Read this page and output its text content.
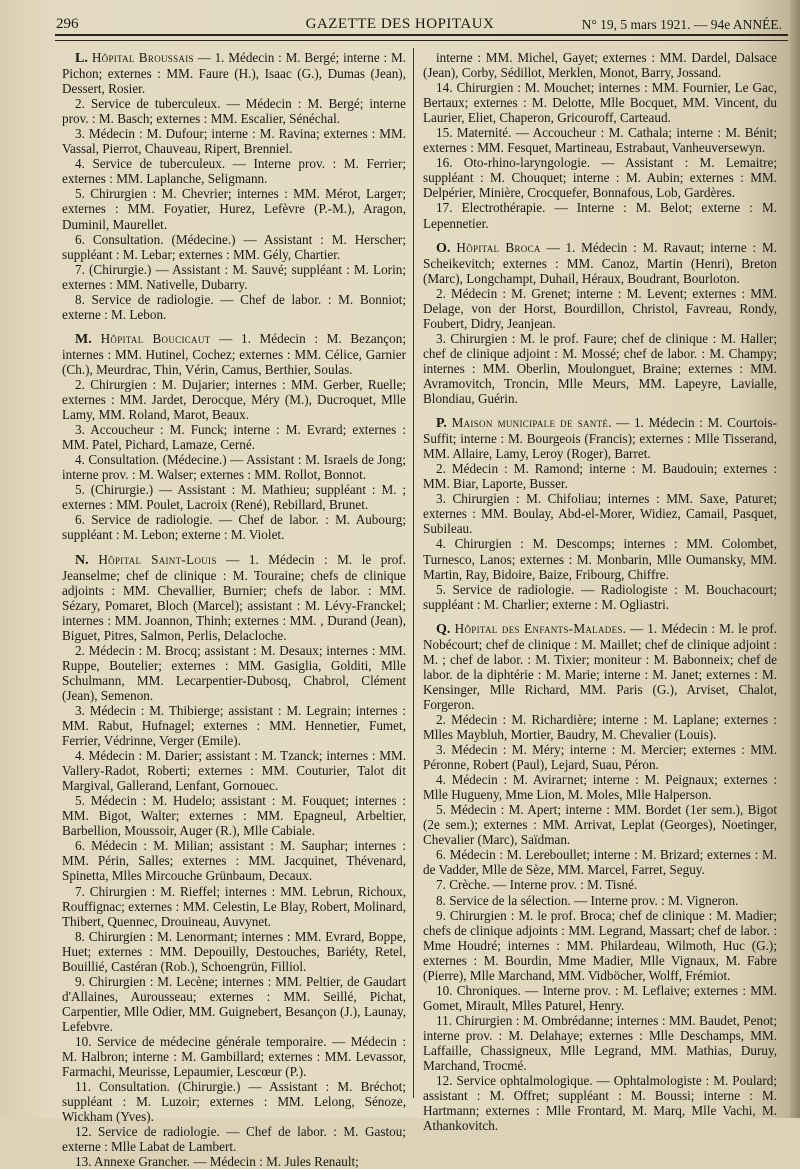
296	GAZETTE DES HOPITAUX	N° 19, 5 mars 1921. — 94e ANNÉE.

L. Hôpital Broussais — 1. Médecin : M. Bergé; interne : M. Pichon; externes : MM. Faure (H.), Isaac (G.), Dumas (Jean), Dessert, Rosier.

2. Service de tuberculeux. — Médecin : M. Bergé; interne prov. : M. Basch; externes : MM. Escalier, Sénéchal.

3. Médecin : M. Dufour; interne : M. Ravina; externes : MM. Vassal, Pierrot, Chauveau, Ripert, Brenniel.

4. Service de tuberculeux. — Interne prov. : M. Ferrier; externes : MM. Laplanche, Seligmann.

5. Chirurgien : M. Chevrier; internes : MM. Mérot, Largeт; externes : MM. Foyatier, Hurez, Lefèvre (P.-M.), Aragon, Duminil, Maurellet.

6. Consultation. (Médecine.) — Assistant : M. Herscher; suppléant : M. Lebar; externes : MM. Gély, Chartier.

7. (Chirurgie.) — Assistant : M. Sauvé; suppléant : M. Lorin; externes : MM. Nativelle, Dubarry.

8. Service de radiologie. — Chef de labor. : M. Bonniot; externe : M. Lebon.

M. Hôpital Boucicaut — 1. Médecin : M. Bezançon; internes : MM. Hutinel, Cochez; externes : MM. Célice, Garnier (Ch.), Meurdrac, Thin, Vérin, Camus, Berthier, Soulas.

2. Chirurgien : M. Dujarier; internes : MM. Gerber, Ruelle; externes : MM. Jardet, Derocque, Méry (M.), Ducroquet, Mlle Lamy, MM. Roland, Marot, Beaux.

3. Accoucheur : M. Funck; interne : M. Evrard; externes : MM. Patel, Pichard, Lamaze, Cerné.

4. Consultation. (Médecine.) — Assistant : M. Israels de Jong; interne prov. : M. Walser; externes : MM. Rollot, Bonnot.

5. (Chirurgie.) — Assistant : M. Mathieu; suppléant : M. ; externes : MM. Poulet, Lacroix (René), Rebillard, Brunet.

6. Service de radiologie. — Chef de labor. : M. Aubourg; suppléant : M. Lebon; externe : M. Violet.

N. Hôpital Saint-Louis — 1. Médecin : M. le prof. Jeanselme; chef de clinique : M. Touraine; chefs de clinique adjoints : MM. Chevallier, Burnier; chefs de labor. : MM. Sézary, Pomaret, Bloch (Marcel); assistant : M. Lévy-Franckel; internes : MM. Joannon, Thinh; externes : MM. , Durand (Jean), Biguet, Pitres, Salmon, Perlis, Delacloche.

2. Médecin : M. Brocq; assistant : M. Desaux; internes : MM. Ruppe, Boutelier; externes : MM. Gasiglia, Golditi, Mlle Schulmann, MM. Lecarpentier-Dubosq, Chabrol, Clément (Jean), Semenon.

3. Médecin : M. Thibierge; assistant : M. Legrain; internes : MM. Rabut, Hufnagel; externes : MM. Hennetier, Fumet, Ferrier, Védrinne, Verger (Emile).

4. Médecin : M. Darier; assistant : M. Tzanck; internes : MM. Vallery-Radot, Roberti; externes : MM. Couturier, Talot dit Margival, Gallerand, Lenfant, Gornouec.

5. Médecin : M. Hudelo; assistant : M. Fouquet; internes : MM. Bigot, Walter; externes : MM. Epagneul, Arbeltier, Barbellion, Moussoir, Auger (R.), Mlle Cabiale.

6. Médecin : M. Milian; assistant : M. Sauphar; internes : MM. Périn, Salles; externes : MM. Jacquinet, Thévenard, Spinetta, Mlles Mircouche Grünbaum, Decaux.

7. Chirurgien : M. Rieffel; internes : MM. Lebrun, Richoux, Rouffignac; externes : MM. Celestin, Le Blay, Robert, Molinard, Thibert, Quennec, Drouineau, Auvynet.

8. Chirurgien : M. Lenormant; internes : MM. Evrard, Boppe, Huet; externes : MM. Depouilly, Destouches, Bariéty, Retel, Bouillié, Castéran (Rob.), Schoengrün, Filliol.

9. Chirurgien : M. Lecène; internes : MM. Peltier, de Gaudart d'Allaines, Aurousseau; externes : MM. Seillé, Pichat, Carpentier, Mlle Odier, MM. Guignebert, Besançon (J.), Launay, Lefebvre.

10. Service de médecine générale temporaire. — Médecin : M. Halbron; interne : M. Gambillard; externes : MM. Levassor, Farmachi, Meurisse, Lepaumier, Lescœur (P.).

11. Consultation. (Chirurgie.) — Assistant : M. Bréchot; suppléant : M. Luzoir; externes : MM. Lelong, Sénoze, Wickham (Yves).

12. Service de radiologie. — Chef de labor. : M. Gastou; externe : Mlle Labat de Lambert.

13. Annexe Grancher. — Médecin : M. Jules Renault;

interne : MM. Michel, Gayet; externes : MM. Dardel, Dalsace (Jean), Corby, Sédillot, Merklen, Monot, Barry, Jossand.

14. Chirurgien : M. Mouchet; internes : MM. Fournier, Le Gac, Bertaux; externes : M. Delotte, Mlle Bocquet, MM. Vincent, du Laurier, Eliet, Chaperon, Gricouroff, Carteaud.

15. Maternité. — Accoucheur : M. Cathala; interne : M. Bénit; externes : MM. Fesquet, Martineau, Estrabaut, Vanheuversewyn.

16. Oto-rhino-laryngologie. — Assistant : M. Lemaitre; suppléant : M. Chouquet; interne : M. Aubin; externes : MM. Delpérier, Minière, Crocquefer, Bonnafous, Lob, Gardères.

17. Electrothérapie. — Interne : M. Belot; externe : M. Lepennetier.

O. Hôpital Broca — 1. Médecin : M. Ravaut; interne : M. Scheikevitch; externes : MM. Canoz, Martin (Henri), Breton (Marc), Longchampt, Duhail, Héraux, Boudrant, Bourloton.

2. Médecin : M. Grenet; interne : M. Levent; externes : MM. Delage, von der Horst, Bourdillon, Christol, Favreau, Rondy, Foubert, Didry, Jeanjean.

3. Chirurgien : M. le prof. Faure; chef de clinique : M. Haller; chef de clinique adjoint : M. Mossé; chef de labor. : M. Champy; internes : MM. Oberlin, Moulonguet, Braine; externes : MM. Avramovitch, Troncin, Mlle Meurs, MM. Lapeyre, Lavialle, Blondiau, Guérin.

P. Maison municipale de santé. — 1. Médecin : M. Courtois-Suffit; interne : M. Bourgeois (Francis); externes : Mlle Tisserand, MM. Allaire, Lamy, Leroy (Roger), Barret.

2. Médecin : M. Ramond; interne : M. Baudouin; externes : MM. Biar, Laporte, Busser.

3. Chirurgien : M. Chifoliau; internes : MM. Saxe, Patuгet; externes : MM. Boulay, Abd-el-Morer, Widiez, Camail, Pasquet, Subileau.

4. Chirurgien : M. Descomps; internes : MM. Colombet, Turnesco, Lanos; externes : M. Monbarin, Mlle Oumansky, MM. Martin, Ray, Bidoire, Baize, Fribourg, Chiffre.

5. Service de radiologie. — Radiologiste : M. Bouchacourt; suppléant : M. Charlier; externe : M. Ogliastri.

Q. Hôpital des Enfants-Malades. — 1. Médecin : M. le prof. Nobécourt; chef de clinique : M. Maillet; chef de clinique adjoint : M. ; chef de labor. : M. Tixier; moniteur : M. Babonneix; chef de labor. de la diphtérie : M. Marie; interne : M. Janet; externes : M. Kensinger, Mlle Richard, MM. Paris (G.), Arviset, Chalot, Forgeron.

2. Médecin : M. Richardière; interne : M. Laplane; externes : Mlles Maybluh, Mortier, Baudry, M. Chevalier (Louis).

3. Médecin : M. Méry; interne : M. Mercier; externes : MM. Péronne, Robert (Paul), Lejard, Suau, Péron.

4. Médecin : M. Avirагnet; interne : M. Peignaux; externes : Mlle Hugueny, Mme Lion, M. Moles, Mlle Halperson.

5. Médecin : M. Apert; interne : MM. Bordet (1er sem.), Bigot (2e sem.); externes : MM. Arrivat, Leplat (Georges), Noetinger, Chevalier (Marc), Saïdman.

6. Médecin : M. Lereboullet; interne : M. Brizard; externes : M. de Vadder, Mlle de Sèze, MM. Marcel, Farret, Seguy.

7. Crèche. — Interne prov. : M. Tisné.

8. Service de la sélection. — Interne prov. : M. Vigneron.

9. Chirurgien : M. le prof. Broca; chef de clinique : M. Madier; chefs de clinique adjoints : MM. Legrand, Massart; chef de labor. : Mme Houdré; internes : MM. Philardeau, Wilmoth, Huc (G.); externes : M. Bourdin, Mme Madier, Mlle Vignaux, M. Fabre (Pierre), Mlle Marchand, MM. Vidböcher, Wolff, Frémiot.

10. Chroniques. — Interne prov. : M. Leflaive; externes : MM. Gomet, Mirault, Mlles Paturel, Henry.

11. Chirurgien : M. Ombrédanne; internes : MM. Baudet, Penot; interne prov. : M. Delahaye; externes : Mlle Deschamps, MM. Laffaille, Chassigneux, Mlle Legrand, MM. Mathias, Duruy, Marchand, Trocmé.

12. Service ophtalmologique. — Ophtalmologiste : M. Poulard; assistant : M. Offret; suppléant : M. Boussi; interne : M. Hartmann; externes : Mlle Frontard, M. Marq, Mlle Vachi, M. Athankovitch.
